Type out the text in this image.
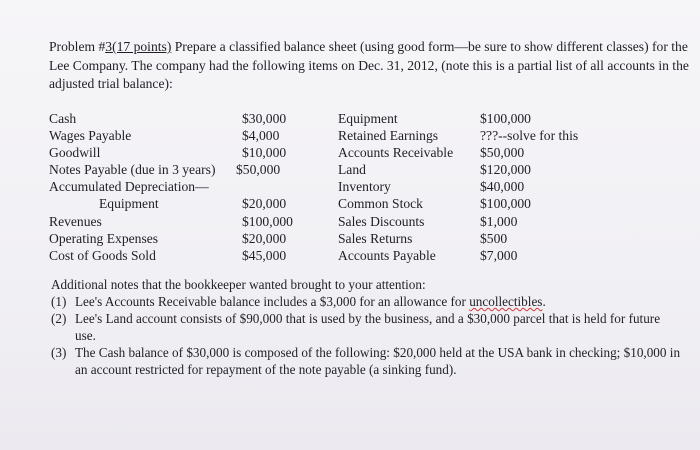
Problem #3(17 points) Prepare a classified balance sheet (using good form—be sure to show different classes) for the Lee Company. The company had the following items on Dec. 31, 2012, (note this is a partial list of all accounts in the adjusted trial balance):
Cash
Wages Payable
Goodwill
Notes Payable (due in 3 years)
Accumulated Depreciation—
Equipment
Revenues
Operating Expenses
Cost of Goods Sold
$30,000
$4,000
$10,000
$50,000
$20,000
$100,000
$20,000
$45,000
Equipment
Retained Earnings
Accounts Receivable
Land
Inventory
Common Stock
Sales Discounts
Sales Returns
Accounts Payable
$100,000
???--solve for this
$50,000
$120,000
$40,000
$100,000
$1,000
$500
$7,000
Additional notes that the bookkeeper wanted brought to your attention:
(1) Lee's Accounts Receivable balance includes a $3,000 for an allowance for uncollectibles.
(2) Lee's Land account consists of $90,000 that is used by the business, and a $30,000 parcel that is held for future use.
(3) The Cash balance of $30,000 is composed of the following: $20,000 held at the USA bank in checking; $10,000 in an account restricted for repayment of the note payable (a sinking fund).
